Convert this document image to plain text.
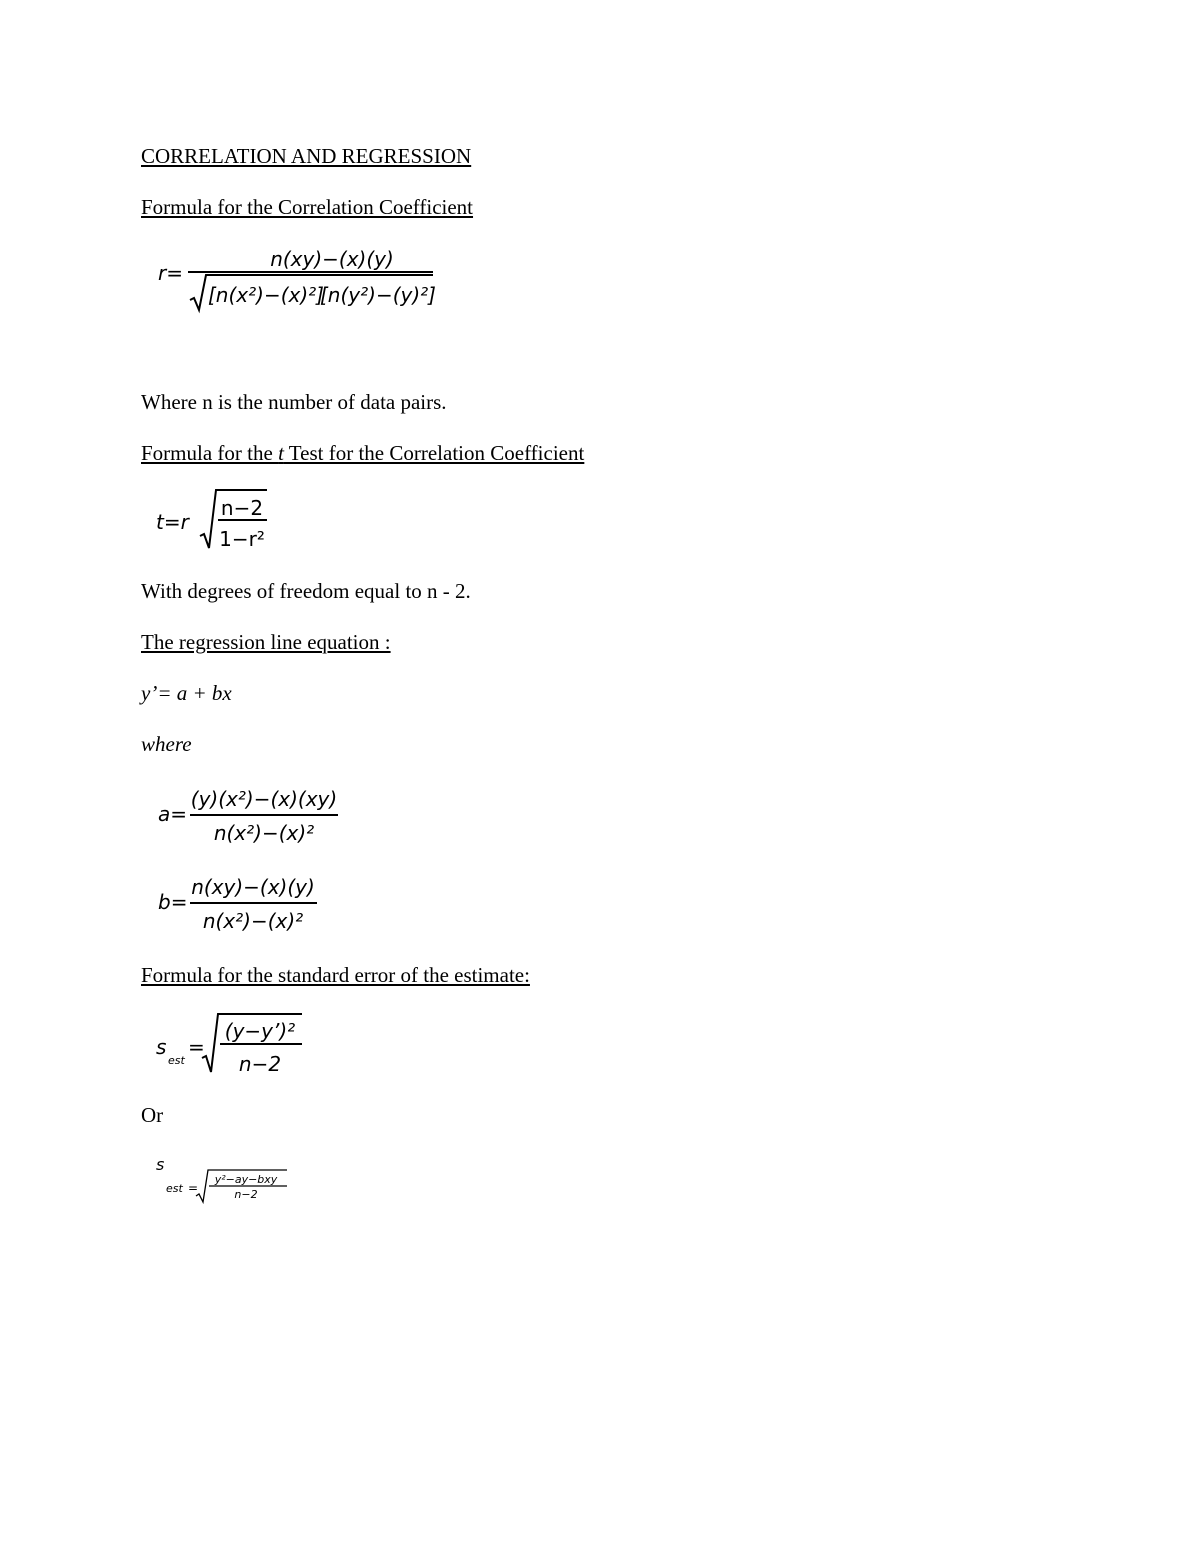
CORRELATION AND REGRESSION
Formula for the Correlation Coefficient
r=
n(xy)−(x)(y)
[n(x²)−(x)²]
[n(y²)−(y)²]
Where n is the number of data pairs.
Formula for the t Test for the Correlation Coefficient
t=r
n−2
1−r²
With degrees of freedom equal to n - 2.
The regression line equation :
y’= a + bx
where
a=
(y)(x²)−(x)(xy)
n(x²)−(x)²
b=
n(xy)−(x)(y)
n(x²)−(x)²
Formula for the standard error of the estimate:
s
est
=
(y−y’)²
n−2
Or
s
est =
y²−ay−bxy
n−2
